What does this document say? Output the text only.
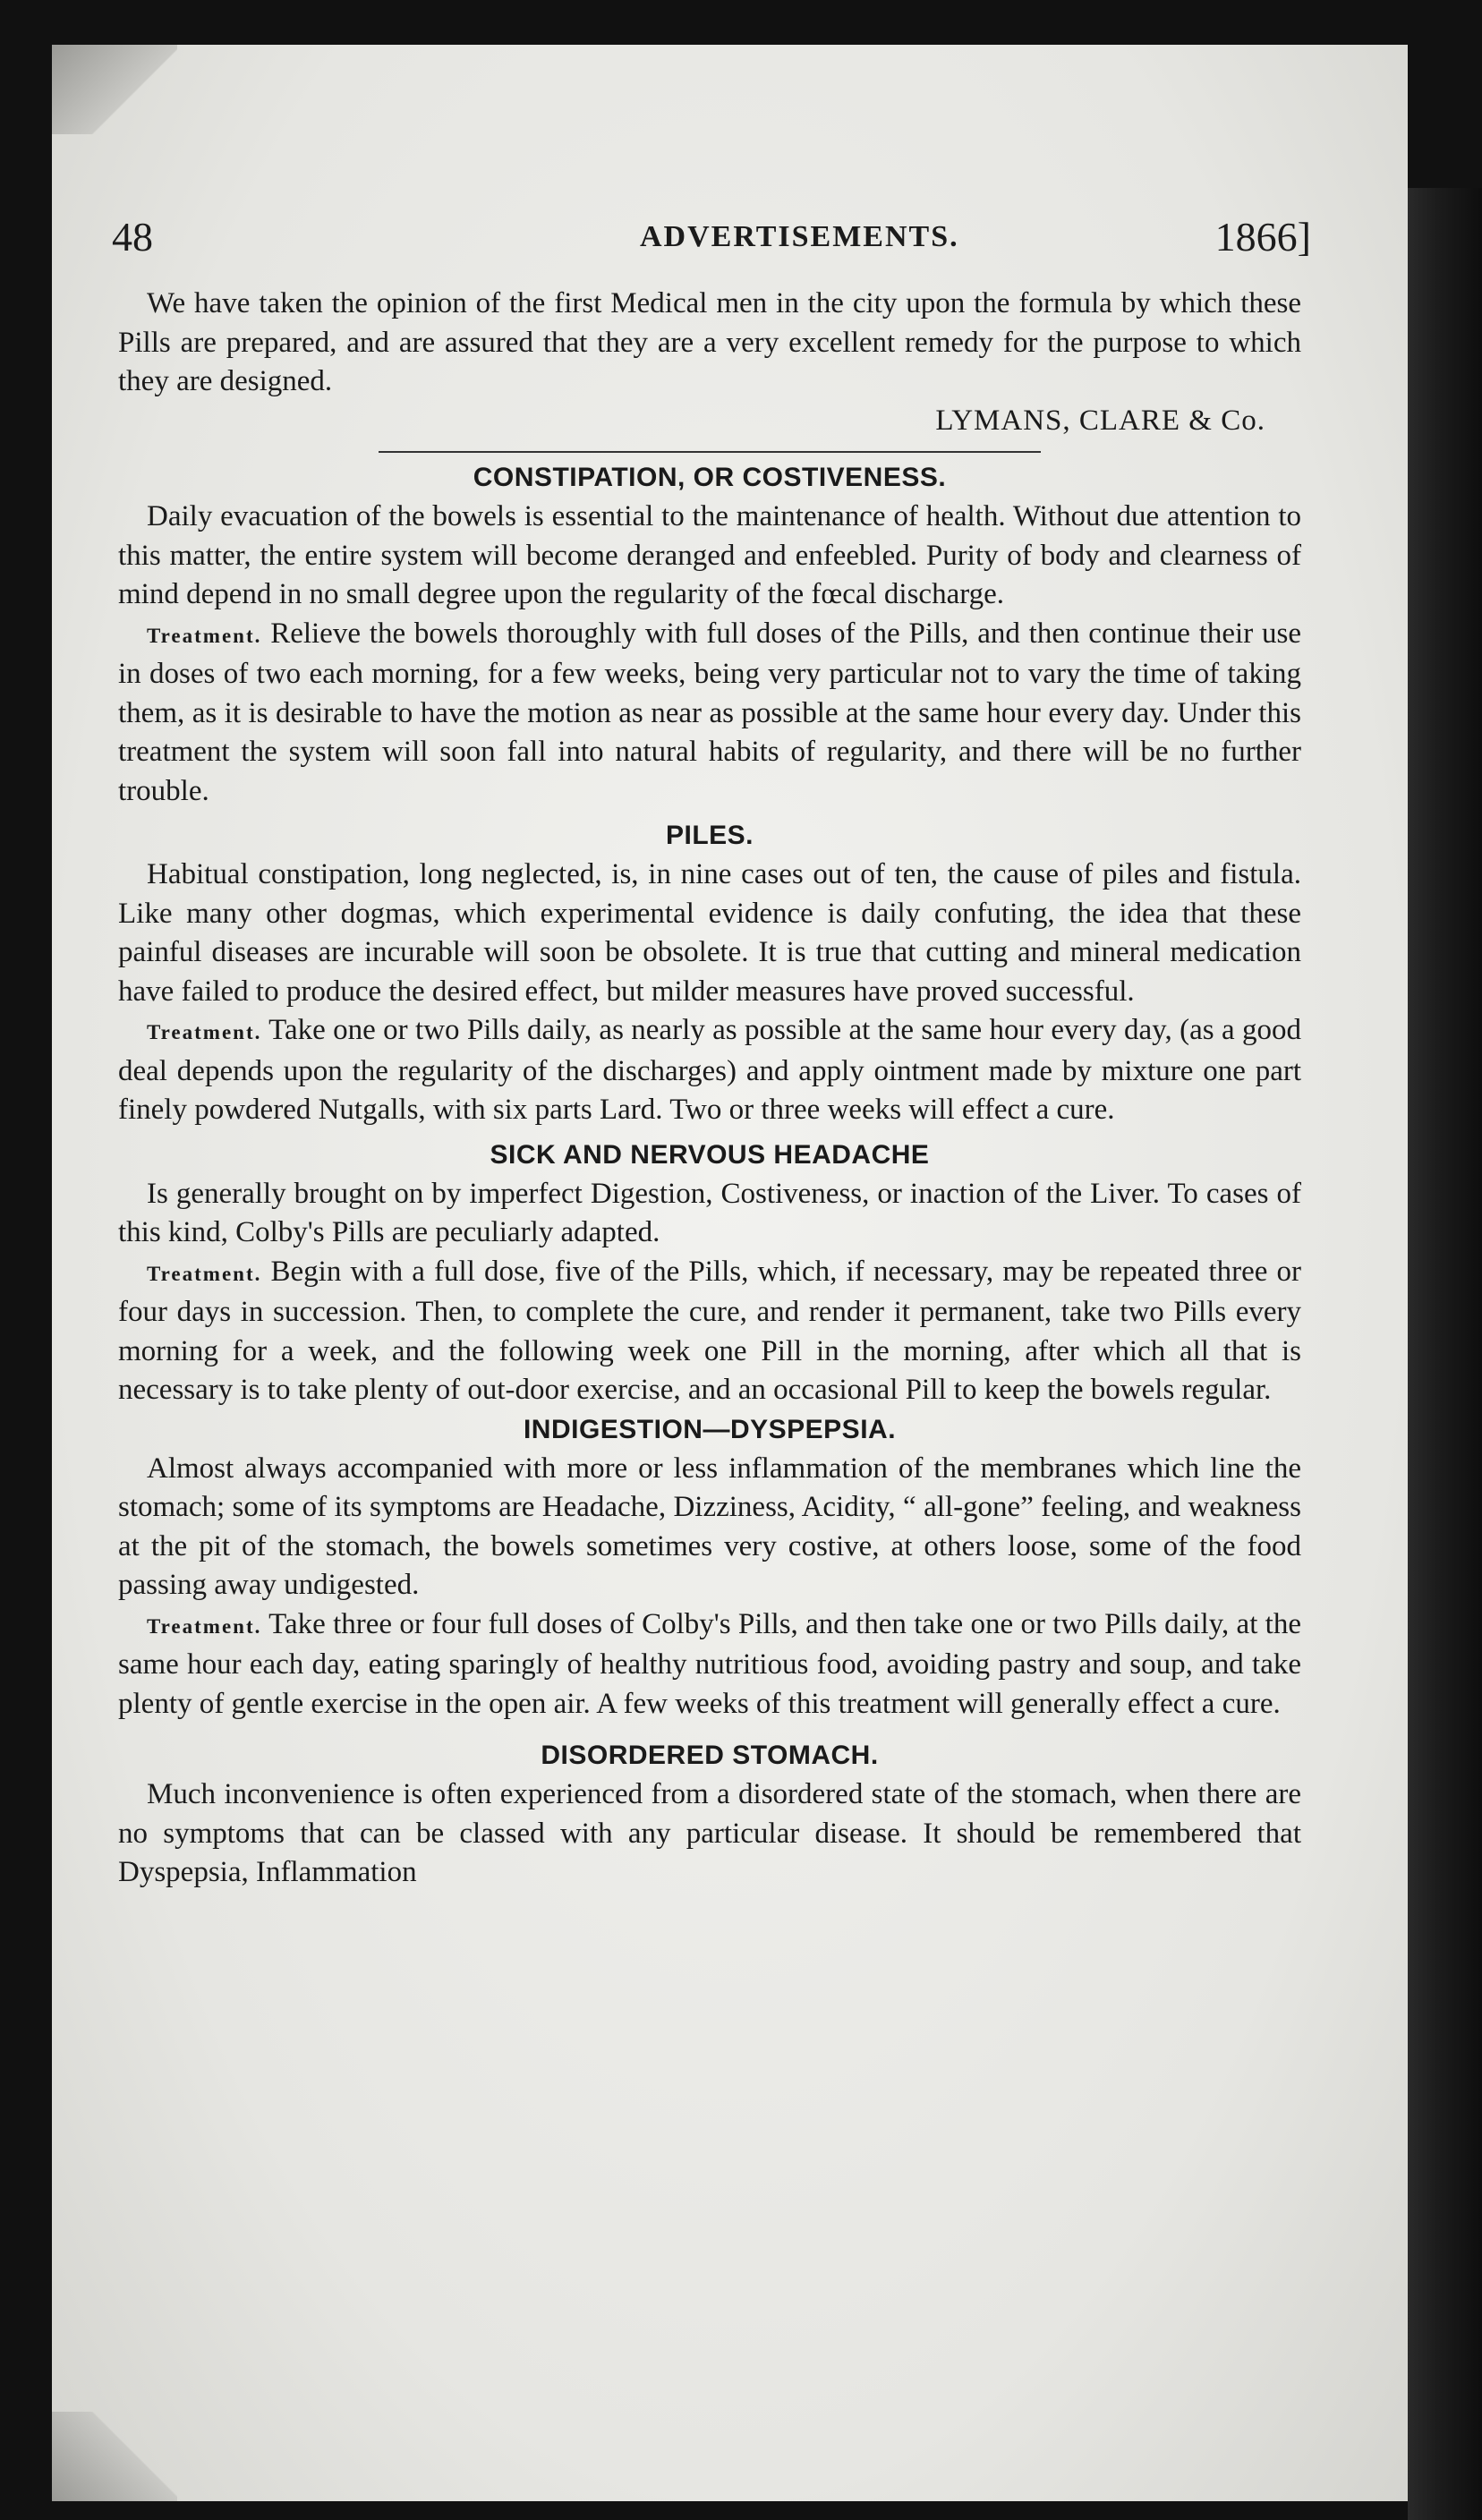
48	ADVERTISEMENTS.	1866]

We have taken the opinion of the first Medical men in the city upon the formula by which these Pills are prepared, and are assured that they are a very excellent remedy for the purpose to which they are designed.

LYMANS, CLARE & Co.
CONSTIPATION, OR COSTIVENESS.

Daily evacuation of the bowels is essential to the maintenance of health. Without due attention to this matter, the entire system will become deranged and enfeebled. Purity of body and clearness of mind depend in no small degree upon the regularity of the fœcal discharge.

Treatment. Relieve the bowels thoroughly with full doses of the Pills, and then continue their use in doses of two each morning, for a few weeks, being very particular not to vary the time of taking them, as it is desirable to have the motion as near as possible at the same hour every day. Under this treatment the system will soon fall into natural habits of regularity, and there will be no further trouble.

PILES.

Habitual constipation, long neglected, is, in nine cases out of ten, the cause of piles and fistula. Like many other dogmas, which experimental evidence is daily confuting, the idea that these painful diseases are incurable will soon be obsolete. It is true that cutting and mineral medication have failed to produce the desired effect, but milder measures have proved successful.

Treatment. Take one or two Pills daily, as nearly as possible at the same hour every day, (as a good deal depends upon the regularity of the discharges) and apply ointment made by mixture one part finely powdered Nutgalls, with six parts Lard. Two or three weeks will effect a cure.

SICK AND NERVOUS HEADACHE

Is generally brought on by imperfect Digestion, Costiveness, or inaction of the Liver. To cases of this kind, Colby's Pills are peculiarly adapted.

Treatment. Begin with a full dose, five of the Pills, which, if necessary, may be repeated three or four days in succession. Then, to complete the cure, and render it permanent, take two Pills every morning for a week, and the following week one Pill in the morning, after which all that is necessary is to take plenty of out-door exercise, and an occasional Pill to keep the bowels regular.

INDIGESTION—DYSPEPSIA.

Almost always accompanied with more or less inflammation of the membranes which line the stomach; some of its symptoms are Headache, Dizziness, Acidity, “ all-gone” feeling, and weakness at the pit of the stomach, the bowels sometimes very costive, at others loose, some of the food passing away undigested.

Treatment. Take three or four full doses of Colby's Pills, and then take one or two Pills daily, at the same hour each day, eating sparingly of healthy nutritious food, avoiding pastry and soup, and take plenty of gentle exercise in the open air. A few weeks of this treatment will generally effect a cure.

DISORDERED STOMACH.

Much inconvenience is often experienced from a disordered state of the stomach, when there are no symptoms that can be classed with any particular disease. It should be remembered that Dyspepsia, Inflammation
